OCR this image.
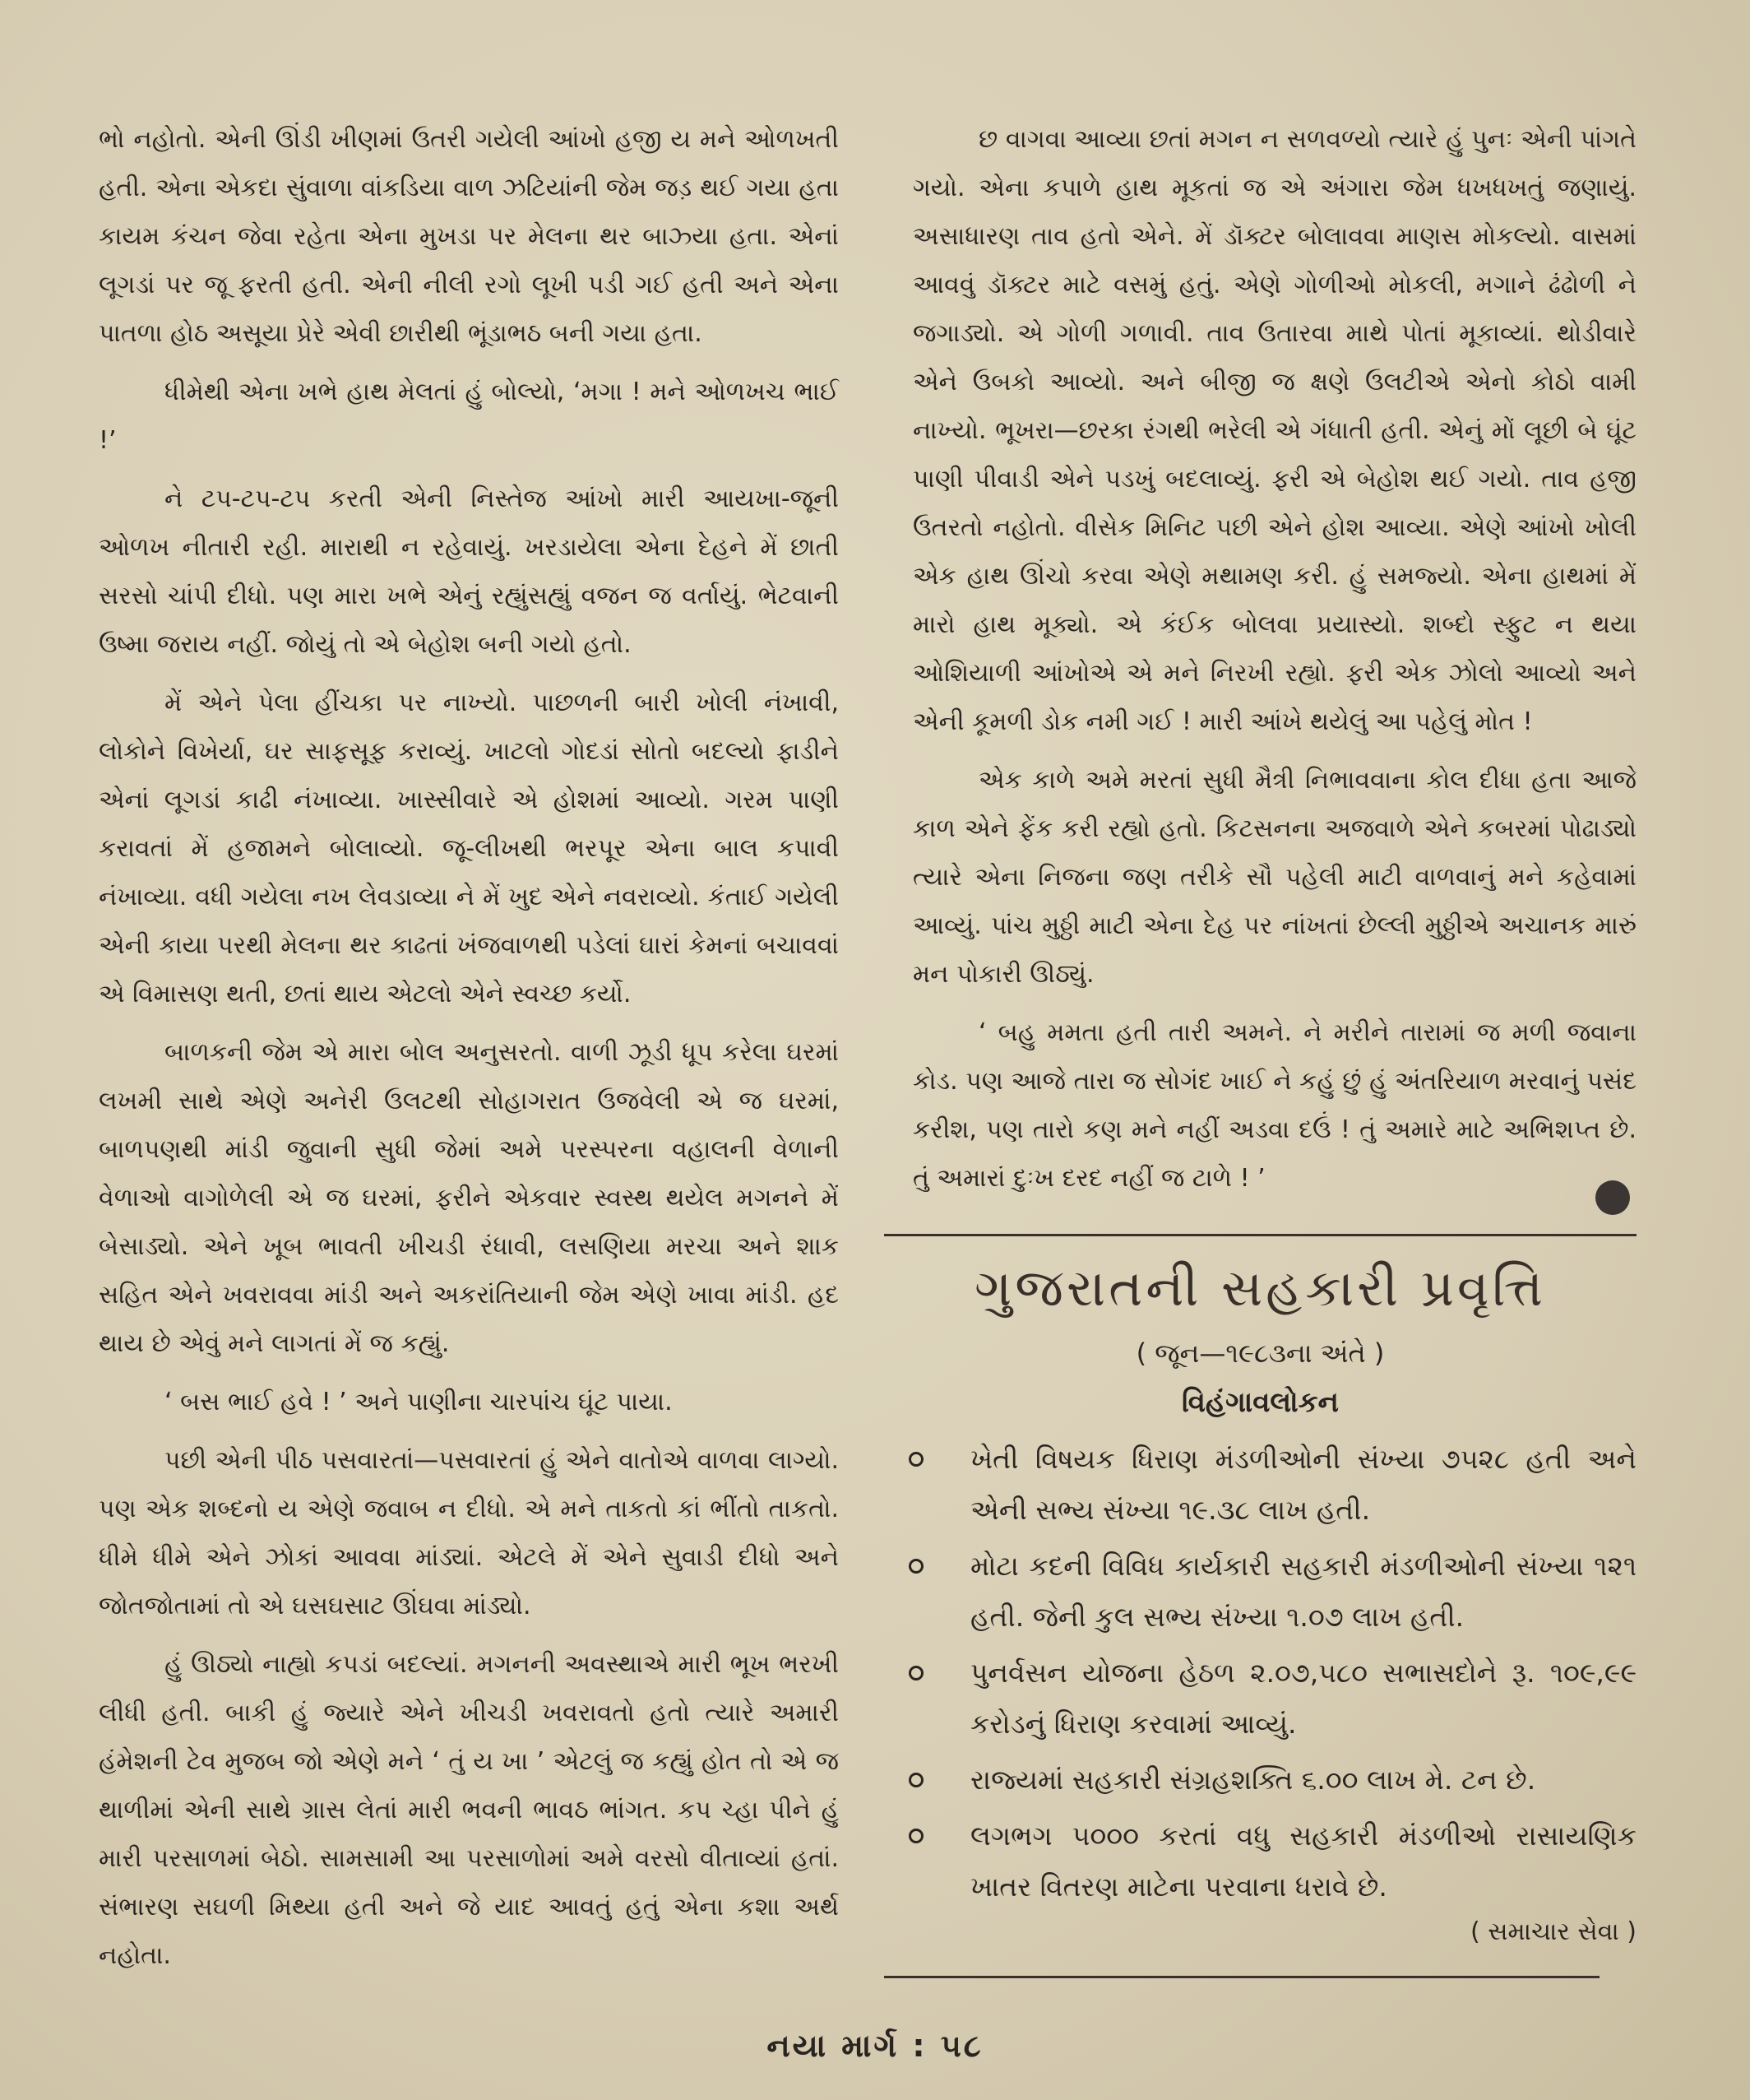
ભો નહોતો. એની ઊંડી ખીણમાં ઉતરી ગયેલી આંખો હજી ય મને ઓળખતી હતી. એના એકદા સુંવાળા વાંકડિયા વાળ ઝટિયાંની જેમ જડ઼ થઈ ગયા હતા કાયમ કંચન જેવા રહેતા એના મુખડા પર મેલના થર બાઝ્યા હતા. એનાં લૂગડાં પર જૂ ફરતી હતી. એની નીલી રગો લૂખી પડી ગઈ હતી અને એના પાતળા હોઠ અસૂયા પ્રેરે એવી છારીથી ભૂંડાભઠ બની ગયા હતા.

ધીમેથી એના ખભે હાથ મેલતાં હું બોલ્યો, ‘મગા ! મને ઓળખચ ભાઈ !’

ને ટપ-ટપ-ટપ કરતી એની નિસ્તેજ આંખો મારી આયખા-જૂની ઓળખ નીતારી રહી. મારાથી ન રહેવાયું. ખરડાયેલા એના દેહને મેં છાતી સરસો ચાંપી દીધો. પણ મારા ખભે એનું રહ્યુંસહ્યું વજન જ વર્તાયું. ભેટવાની ઉષ્મા જરાય નહીં. જોયું તો એ બેહોશ બની ગયો હતો.

મેં એને પેલા હીંચકા પર નાખ્યો. પાછળની બારી ખોલી નંખાવી, લોકોને વિખેર્યા, ઘર સાફસૂફ કરાવ્યું. ખાટલો ગોદડાં સોતો બદલ્યો ફાડીને એનાં લૂગડાં કાઢી નંખાવ્યા. ખાસ્સીવારે એ હોશમાં આવ્યો. ગરમ પાણી કરાવતાં મેં હજામને બોલાવ્યો. જૂ-લીખથી ભરપૂર એના બાલ કપાવી નંખાવ્યા. વધી ગયેલા નખ લેવડાવ્યા ને મેં ખુદ એને નવરાવ્યો. કંતાઈ ગયેલી એની કાયા પરથી મેલના થર કાઢતાં ખંજવાળથી પડેલાં ઘારાં કેમનાં બચાવવાં એ વિમાસણ થતી, છતાં થાય એટલો એને સ્વચ્છ કર્યો.

બાળકની જેમ એ મારા બોલ અનુસરતો. વાળી ઝૂડી ધૂપ કરેલા ઘરમાં લખમી સાથે એણે અનેરી ઉલટથી સોહાગરાત ઉજવેલી એ જ ઘરમાં, બાળપણથી માંડી જુવાની સુધી જેમાં અમે પરસ્પરના વહાલની વેળાની વેળાઓ વાગોળેલી એ જ ઘરમાં, ફરીને એકવાર સ્વસ્થ થયેલ મગનને મેં બેસાડ્યો. એને ખૂબ ભાવતી ખીચડી રંધાવી, લસણિયા મરચા અને શાક સહિત એને ખવરાવવા માંડી અને અકરાંતિયાની જેમ એણે ખાવા માંડી. હદ થાય છે એવું મને લાગતાં મેં જ કહ્યું.

‘ બસ ભાઈ હવે ! ’ અને પાણીના ચારપાંચ ઘૂંટ પાયા.

પછી એની પીઠ પસવારતાં—પસવારતાં હું એને વાતોએ વાળવા લાગ્યો. પણ એક શબ્દનો ય એણે જવાબ ન દીધો. એ મને તાકતો કાં ભીંતો તાકતો. ધીમે ધીમે એને ઝોકાં આવવા માંડ્યાં. એટલે મેં એને સુવાડી દીધો અને જોતજોતામાં તો એ ઘસઘસાટ ઊંઘવા માંડ્યો.

હું ઊઠ્યો નાહ્યો કપડાં બદલ્યાં. મગનની અવસ્થાએ મારી ભૂખ ભરખી લીધી હતી. બાકી હું જ્યારે એને ખીચડી ખવરાવતો હતો ત્યારે અમારી હંમેશની ટેવ મુજબ જો એણે મને ‘ તું ય ખા ’ એટલું જ કહ્યું હોત તો એ જ થાળીમાં એની સાથે ગ્રાસ લેતાં મારી ભવની ભાવઠ ભાંગત. કપ ચ્હા પીને હું મારી પરસાળમાં બેઠો. સામસામી આ પરસાળોમાં અમે વરસો વીતાવ્યાં હતાં. સંભારણ સઘળી મિથ્યા હતી અને જે યાદ આવતું હતું એના કશા અર્થ નહોતા.

છ વાગવા આવ્યા છતાં મગન ન સળવળ્યો ત્યારે હું પુનઃ એની પાંગતે ગયો. એના કપાળે હાથ મૂકતાં જ એ અંગારા જેમ ધખધખતું જણાયું. અસાધારણ તાવ હતો એને. મેં ડૉક્ટર બોલાવવા માણસ મોકલ્યો. વાસમાં આવવું ડૉક્ટર માટે વસમું હતું. એણે ગોળીઓ મોકલી, મગાને ઢંઢોળી ને જગાડ્યો. એ ગોળી ગળાવી. તાવ ઉતારવા માથે પોતાં મૂકાવ્યાં. થોડીવારે એને ઉબકો આવ્યો. અને બીજી જ ક્ષણે ઉલટીએ એનો કોઠો વામી નાખ્યો. ભૂખરા—છરકા રંગથી ભરેલી એ ગંધાતી હતી. એનું મોં લૂછી બે ઘૂંટ પાણી પીવાડી એને પડખું બદલાવ્યું. ફરી એ બેહોશ થઈ ગયો. તાવ હજી ઉતરતો નહોતો. વીસેક મિનિટ પછી એને હોશ આવ્યા. એણે આંખો ખોલી એક હાથ ઊંચો કરવા એણે મથામણ કરી. હું સમજ્યો. એના હાથમાં મેં મારો હાથ મૂક્યો. એ કંઈક બોલવા પ્રયાસ્યો. શબ્દો સ્ફુટ ન થયા ઓશિયાળી આંખોએ એ મને નિરખી રહ્યો. ફરી એક ઝોલો આવ્યો અને એની કૂમળી ડોક નમી ગઈ ! મારી આંખે થયેલું આ પહેલું મોત !

એક કાળે અમે મરતાં સુધી મૈત્રી નિભાવવાના કોલ દીધા હતા આજે કાળ એને ફેંક કરી રહ્યો હતો. કિટસનના અજવાળે એને કબરમાં પોઢાડ્યો ત્યારે એના નિજના જણ તરીકે સૌ પહેલી માટી વાળવાનું મને કહેવામાં આવ્યું. પાંચ મુઠ્ઠી માટી એના દેહ પર નાંખતાં છેલ્લી મુઠ્ઠીએ અચાનક મારું મન પોકારી ઊઠ્યું.

‘ બહુ મમતા હતી તારી અમને. ને મરીને તારામાં જ મળી જવાના કોડ. પણ આજે તારા જ સોગંદ ખાઈ ને કહું છું હું અંતરિયાળ મરવાનું પસંદ કરીશ, પણ તારો કણ મને નહીં અડવા દઉં ! તું અમારે માટે અભિશપ્ત છે. તું અમારાં દુઃખ દરદ નહીં જ ટાળે ! ’

ગુજરાતની સહકારી પ્રવૃત્તિ
( જૂન—૧૯૮૩ના અંતે )
વિહંગાવલોકન
ખેતી વિષયક ધિરાણ મંડળીઓની સંખ્યા ૭૫૨૮ હતી અને એની સભ્ય સંખ્યા ૧૯.૩૮ લાખ હતી.
મોટા કદની વિવિધ કાર્યકારી સહકારી મંડળીઓની સંખ્યા ૧૨૧ હતી. જેની કુલ સભ્ય સંખ્યા ૧.૦૭ લાખ હતી.
પુનર્વસન યોજના હેઠળ ૨.૦૭,૫૮૦ સભાસદોને રૂ. ૧૦૯,૯૯ કરોડનું ધિરાણ કરવામાં આવ્યું.
રાજ્યમાં સહકારી સંગ્રહશક્તિ ૬.૦૦ લાખ મે. ટન છે.
લગભગ ૫૦૦૦ કરતાં વધુ સહકારી મંડળીઓ રાસાયણિક ખાતર વિતરણ માટેના પરવાના ધરાવે છે.
( સમાચાર સેવા )
નયા માર્ગ : ૫૮
